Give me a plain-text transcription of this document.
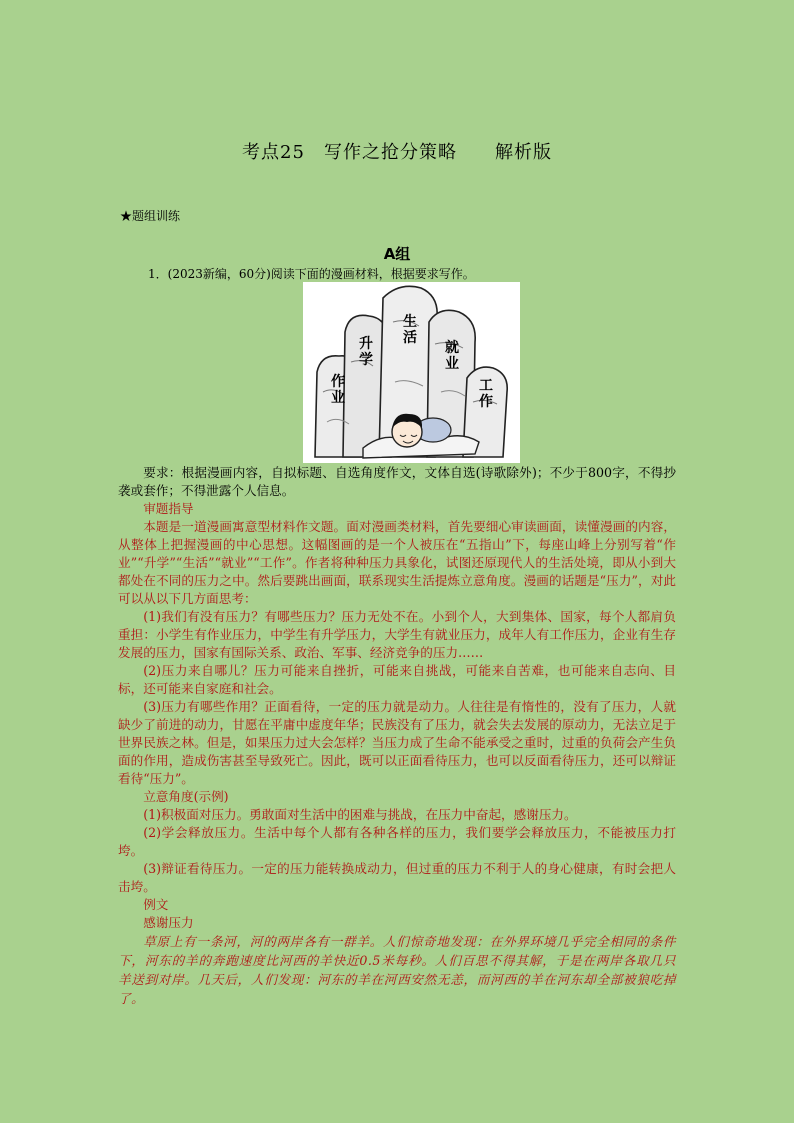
考点25　写作之抢分策略　　解析版
★题组训练
A组
1．(2023新编，60分)阅读下面的漫画材料，根据要求写作。
作
业
升
学
生
活
就
业
工
作

要求：根据漫画内容，自拟标题、自选角度作文，文体自选(诗歌除外)；不少于800字，不得抄袭或套作；不得泄露个人信息。

审题指导

本题是一道漫画寓意型材料作文题。面对漫画类材料，首先要细心审读画面，读懂漫画的内容，从整体上把握漫画的中心思想。这幅图画的是一个人被压在“五指山”下，每座山峰上分别写着“作业”“升学”“生活”“就业”“工作”。作者将种种压力具象化，试图还原现代人的生活处境，即从小到大都处在不同的压力之中。然后要跳出画面，联系现实生活提炼立意角度。漫画的话题是“压力”，对此可以从以下几方面思考：

(1)我们有没有压力？有哪些压力？压力无处不在。小到个人，大到集体、国家，每个人都肩负重担：小学生有作业压力，中学生有升学压力，大学生有就业压力，成年人有工作压力，企业有生存发展的压力，国家有国际关系、政治、军事、经济竞争的压力……

(2)压力来自哪儿？压力可能来自挫折，可能来自挑战，可能来自苦难，也可能来自志向、目标，还可能来自家庭和社会。

(3)压力有哪些作用？正面看待，一定的压力就是动力。人往往是有惰性的，没有了压力，人就缺少了前进的动力，甘愿在平庸中虚度年华；民族没有了压力，就会失去发展的原动力，无法立足于世界民族之林。但是，如果压力过大会怎样？当压力成了生命不能承受之重时，过重的负荷会产生负面的作用，造成伤害甚至导致死亡。因此，既可以正面看待压力，也可以反面看待压力，还可以辩证看待“压力”。

立意角度(示例)

(1)积极面对压力。勇敢面对生活中的困难与挑战，在压力中奋起，感谢压力。

(2)学会释放压力。生活中每个人都有各种各样的压力，我们要学会释放压力，不能被压力打垮。

(3)辩证看待压力。一定的压力能转换成动力，但过重的压力不利于人的身心健康，有时会把人击垮。

例文

感谢压力

草原上有一条河，河的两岸各有一群羊。人们惊奇地发现：在外界环境几乎完全相同的条件下，河东的羊的奔跑速度比河西的羊快近0.5米每秒。人们百思不得其解，于是在两岸各取几只羊送到对岸。几天后，人们发现：河东的羊在河西安然无恙，而河西的羊在河东却全部被狼吃掉了。
